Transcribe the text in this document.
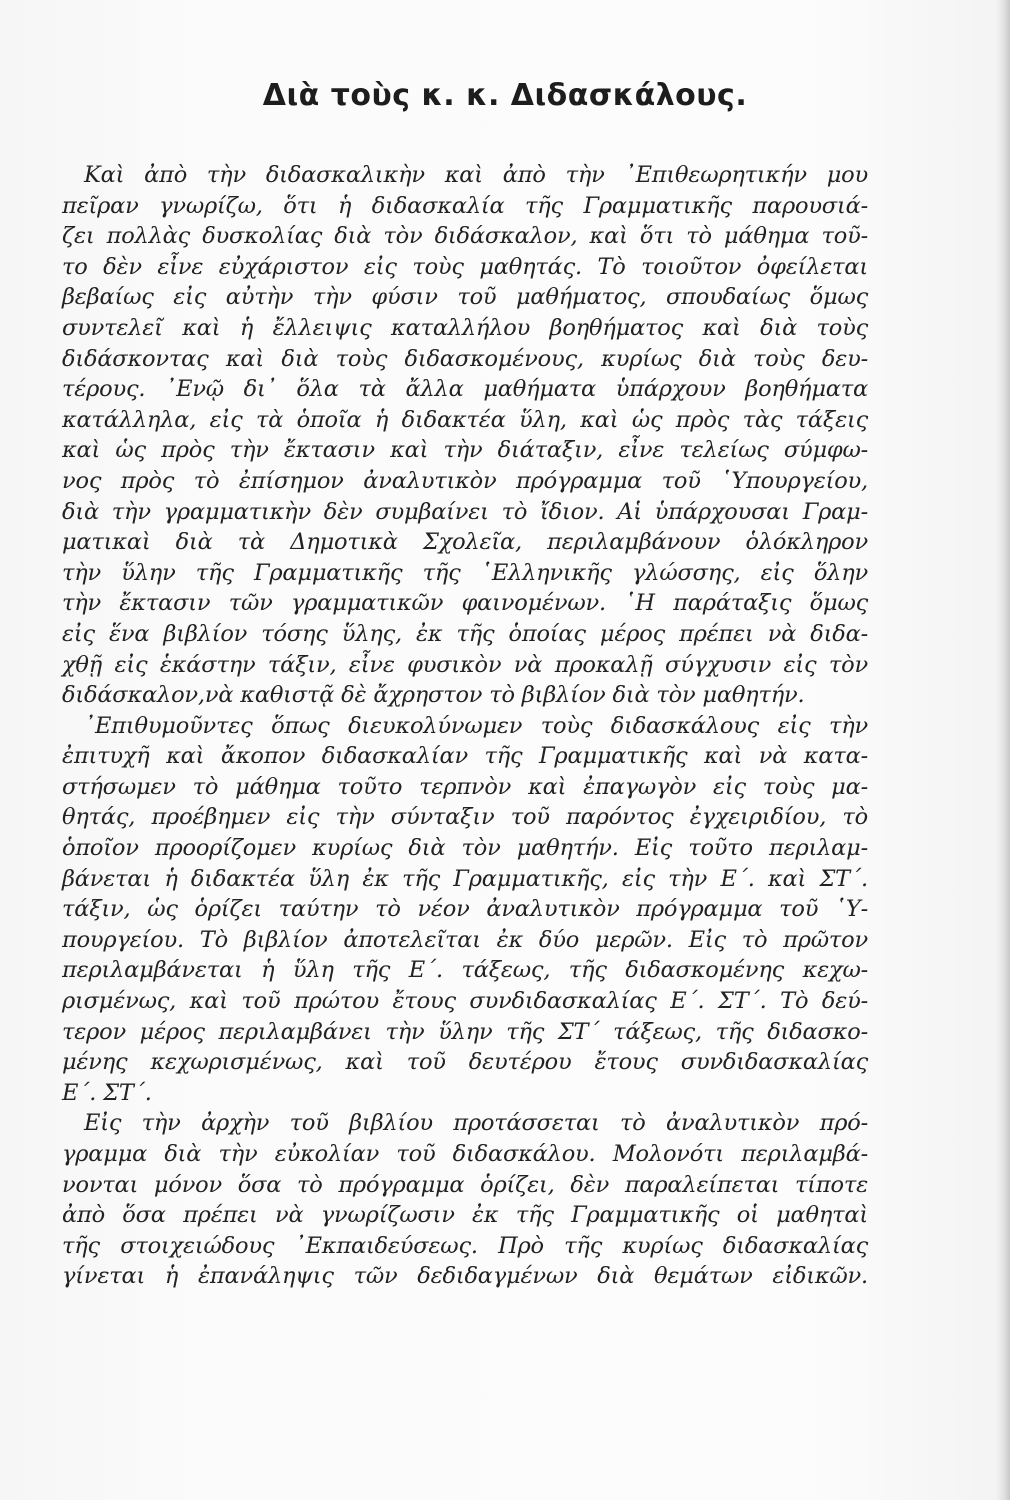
Διὰ τοὺς κ. κ. Διδασκάλους.
Καὶ ἀπὸ τὴν διδασκαλικὴν καὶ ἀπὸ τὴν ᾿Επιθεωρητικήν μου
πεῖραν γνωρίζω, ὅτι ἡ διδασκαλία τῆς Γραμματικῆς παρουσιά-
ζει πολλὰς δυσκολίας διὰ τὸν διδάσκαλον, καὶ ὅτι τὸ μάθημα τοῦ-
το δὲν εἶνε εὐχάριστον εἰς τοὺς μαθητάς. Τὸ τοιοῦτον ὀφείλεται
βεβαίως εἰς αὐτὴν τὴν φύσιν τοῦ μαθήματος, σπουδαίως ὅμως
συντελεῖ καὶ ἡ ἔλλειψις καταλλήλου βοηθήματος καὶ διὰ τοὺς
διδάσκοντας καὶ διὰ τοὺς διδασκομένους, κυρίως διὰ τοὺς δευ-
τέρους. ᾿Ενῷ δι᾿ ὅλα τὰ ἄλλα μαθήματα ὑπάρχουν βοηθήματα
κατάλληλα, εἰς τὰ ὁποῖα ἡ διδακτέα ὕλη, καὶ ὡς πρὸς τὰς τάξεις
καὶ ὡς πρὸς τὴν ἔκτασιν καὶ τὴν διάταξιν, εἶνε τελείως σύμφω-
νος πρὸς τὸ ἐπίσημον ἀναλυτικὸν πρόγραμμα τοῦ ῾Υπουργείου,
διὰ τὴν γραμματικὴν δὲν συμβαίνει τὸ ἴδιον. Αἱ ὑπάρχουσαι Γραμ-
ματικαὶ διὰ τὰ Δημοτικὰ Σχολεῖα, περιλαμβάνουν ὁλόκληρον
τὴν ὕλην τῆς Γραμματικῆς τῆς ῾Ελληνικῆς γλώσσης, εἰς ὅλην
τὴν ἔκτασιν τῶν γραμματικῶν φαινομένων. ῾Η παράταξις ὅμως
εἰς ἕνα βιβλίον τόσης ὕλης, ἐκ τῆς ὁποίας μέρος πρέπει νὰ διδα-
χθῇ εἰς ἑκάστην τάξιν, εἶνε φυσικὸν νὰ προκαλῇ σύγχυσιν εἰς τὸν
διδάσκαλον,νὰ καθιστᾷ δὲ ἄχρηστον τὸ βιβλίον διὰ τὸν μαθητήν.
᾿Επιθυμοῦντες ὅπως διευκολύνωμεν τοὺς διδασκάλους εἰς τὴν
ἐπιτυχῆ καὶ ἄκοπον διδασκαλίαν τῆς Γραμματικῆς καὶ νὰ κατα-
στήσωμεν τὸ μάθημα τοῦτο τερπνὸν καὶ ἐπαγωγὸν εἰς τοὺς μα-
θητάς, προέβημεν εἰς τὴν σύνταξιν τοῦ παρόντος ἐγχειριδίου, τὸ
ὁποῖον προορίζομεν κυρίως διὰ τὸν μαθητήν. Εἰς τοῦτο περιλαμ-
βάνεται ἡ διδακτέα ὕλη ἐκ τῆς Γραμματικῆς, εἰς τὴν Ε΄. καὶ ΣΤ΄.
τάξιν, ὡς ὁρίζει ταύτην τὸ νέον ἀναλυτικὸν πρόγραμμα τοῦ ῾Υ-
πουργείου. Τὸ βιβλίον ἀποτελεῖται ἐκ δύο μερῶν. Εἰς τὸ πρῶτον
περιλαμβάνεται ἡ ὕλη τῆς Ε΄. τάξεως, τῆς διδασκομένης κεχω-
ρισμένως, καὶ τοῦ πρώτου ἔτους συνδιδασκαλίας Ε΄. ΣΤ΄. Τὸ δεύ-
τερον μέρος περιλαμβάνει τὴν ὕλην τῆς ΣΤ΄ τάξεως, τῆς διδασκο-
μένης κεχωρισμένως, καὶ τοῦ δευτέρου ἔτους συνδιδασκαλίας
Ε΄. ΣΤ΄.
Εἰς τὴν ἀρχὴν τοῦ βιβλίου προτάσσεται τὸ ἀναλυτικὸν πρό-
γραμμα διὰ τὴν εὐκολίαν τοῦ διδασκάλου. Μολονότι περιλαμβά-
νονται μόνον ὅσα τὸ πρόγραμμα ὁρίζει, δὲν παραλείπεται τίποτε
ἀπὸ ὅσα πρέπει νὰ γνωρίζωσιν ἐκ τῆς Γραμματικῆς οἱ μαθηταὶ
τῆς στοιχειώδους ᾿Εκπαιδεύσεως. Πρὸ τῆς κυρίως διδασκαλίας
γίνεται ἡ ἐπανάληψις τῶν δεδιδαγμένων διὰ θεμάτων εἰδικῶν.
